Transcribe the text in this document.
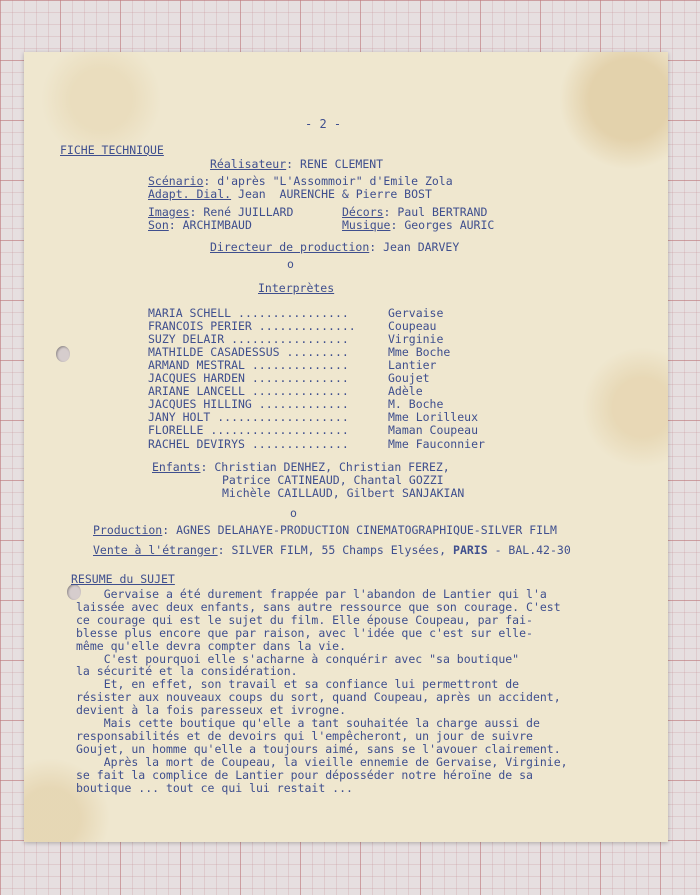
- 2 -
FICHE TECHNIQUE
Réalisateur: RENE CLEMENT
Scénario: d'après "L'Assommoir" d'Emile Zola
Adapt. Dial. Jean  AURENCHE & Pierre BOST
Images: René JUILLARD	Décors: Paul BERTRAND
Son: ARCHIMBAUD	Musique: Georges AURIC
Directeur de production: Jean DARVEY
o
Interprètes
MARIA SCHELL ................	Gervaise
FRANCOIS PERIER ..............	Coupeau
SUZY DELAIR .................	Virginie
MATHILDE CASADESSUS .........	Mme Boche
ARMAND MESTRAL ..............	Lantier
JACQUES HARDEN ..............	Goujet
ARIANE LANCELL ..............	Adèle
JACQUES HILLING .............	M. Boche
JANY HOLT ...................	Mme Lorilleux
FLORELLE ....................	Maman Coupeau
RACHEL DEVIRYS ..............	Mme Fauconnier
Enfants: Christian DENHEZ, Christian FEREZ,
Patrice CATINEAUD, Chantal GOZZI
Michèle CAILLAUD, Gilbert SANJAKIAN
o
Production: AGNES DELAHAYE-PRODUCTION CINEMATOGRAPHIQUE-SILVER FILM
Vente à l'étranger: SILVER FILM, 55 Champs Elysées, PARIS - BAL.42-30
RESUME du SUJET
Gervaise a été durement frappée par l'abandon de Lantier qui l'a
laissée avec deux enfants, sans autre ressource que son courage. C'est
ce courage qui est le sujet du film. Elle épouse Coupeau, par fai-
blesse plus encore que par raison, avec l'idée que c'est sur elle-
même qu'elle devra compter dans la vie.
C'est pourquoi elle s'acharne à conquérir avec "sa boutique"
la sécurité et la considération.
Et, en effet, son travail et sa confiance lui permettront de
résister aux nouveaux coups du sort, quand Coupeau, après un accident,
devient à la fois paresseux et ivrogne.
Mais cette boutique qu'elle a tant souhaitée la charge aussi de
responsabilités et de devoirs qui l'empêcheront, un jour de suivre
Goujet, un homme qu'elle a toujours aimé, sans se l'avouer clairement.
Après la mort de Coupeau, la vieille ennemie de Gervaise, Virginie,
se fait la complice de Lantier pour déposséder notre héroïne de sa
boutique ... tout ce qui lui restait ...
